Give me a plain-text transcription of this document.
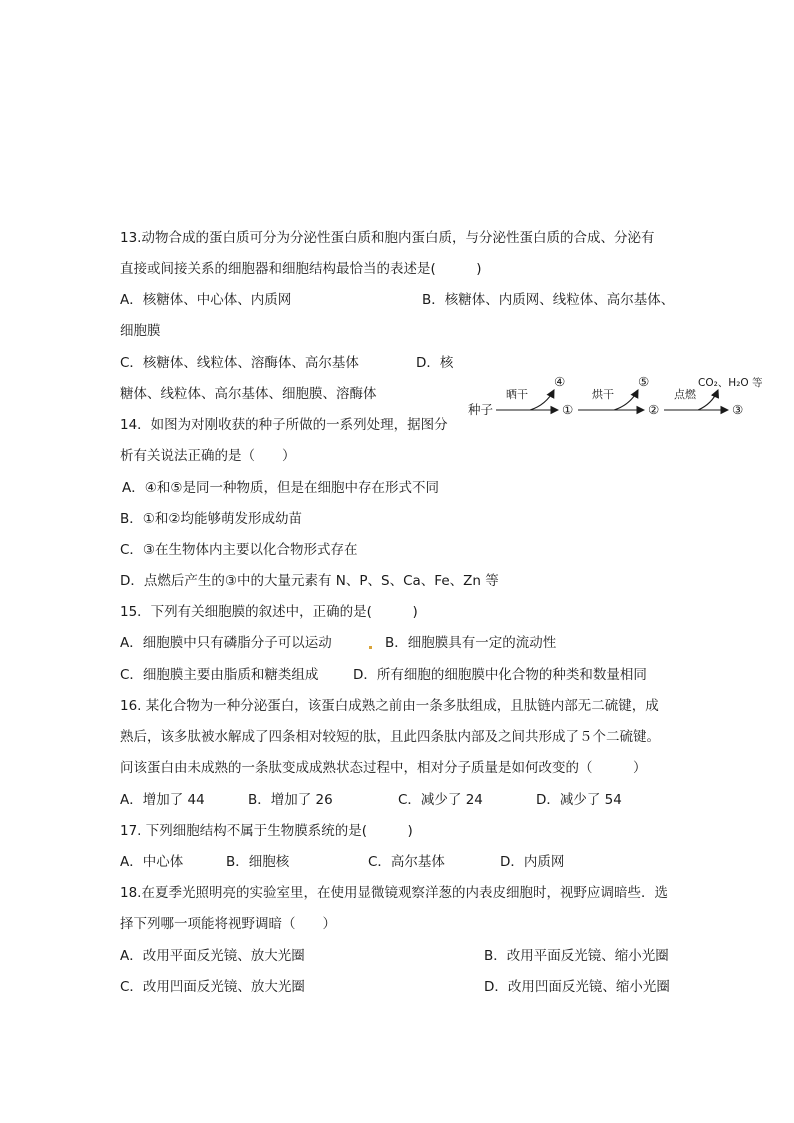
13.动物合成的蛋白质可分为分泌性蛋白质和胞内蛋白质，与分泌性蛋白质的合成、分泌有
直接或间接关系的细胞器和细胞结构最恰当的表述是(　　　)
A．核糖体、中心体、内质网	B．核糖体、内质网、线粒体、高尔基体、
细胞膜
C．核糖体、线粒体、溶酶体、高尔基体	D．核
糖体、线粒体、高尔基体、细胞膜、溶酶体
14．如图为对刚收获的种子所做的一系列处理，据图分
析有关说法正确的是（　　）
A．④和⑤是同一种物质，但是在细胞中存在形式不同
B．①和②均能够萌发形成幼苗
C．③在生物体内主要以化合物形式存在
D．点燃后产生的③中的大量元素有 N、P、S、Ca、Fe、Zn 等
种子
晒干
④
①
烘干
⑤
②
点燃
CO₂、H₂O 等
③
15．下列有关细胞膜的叙述中，正确的是(　　　)
A．细胞膜中只有磷脂分子可以运动	B．细胞膜具有一定的流动性
C．细胞膜主要由脂质和糖类组成	D．所有细胞的细胞膜中化合物的种类和数量相同
16. 某化合物为一种分泌蛋白，该蛋白成熟之前由一条多肽组成，且肽链内部无二硫键，成
熟后，该多肽被水解成了四条相对较短的肽，且此四条肽内部及之间共形成了５个二硫键。
问该蛋白由未成熟的一条肽变成成熟状态过程中，相对分子质量是如何改变的（　　　）
A．增加了 44	B．增加了 26	C．减少了 24	D．减少了 54
17. 下列细胞结构不属于生物膜系统的是(　　　)
A．中心体	B．细胞核	C．高尔基体	D．内质网
18.在夏季光照明亮的实验室里，在使用显微镜观察洋葱的内表皮细胞时，视野应调暗些．选
择下列哪一项能将视野调暗（　　）
A．改用平面反光镜、放大光圈	B．改用平面反光镜、缩小光圈
C．改用凹面反光镜、放大光圈	D．改用凹面反光镜、缩小光圈
